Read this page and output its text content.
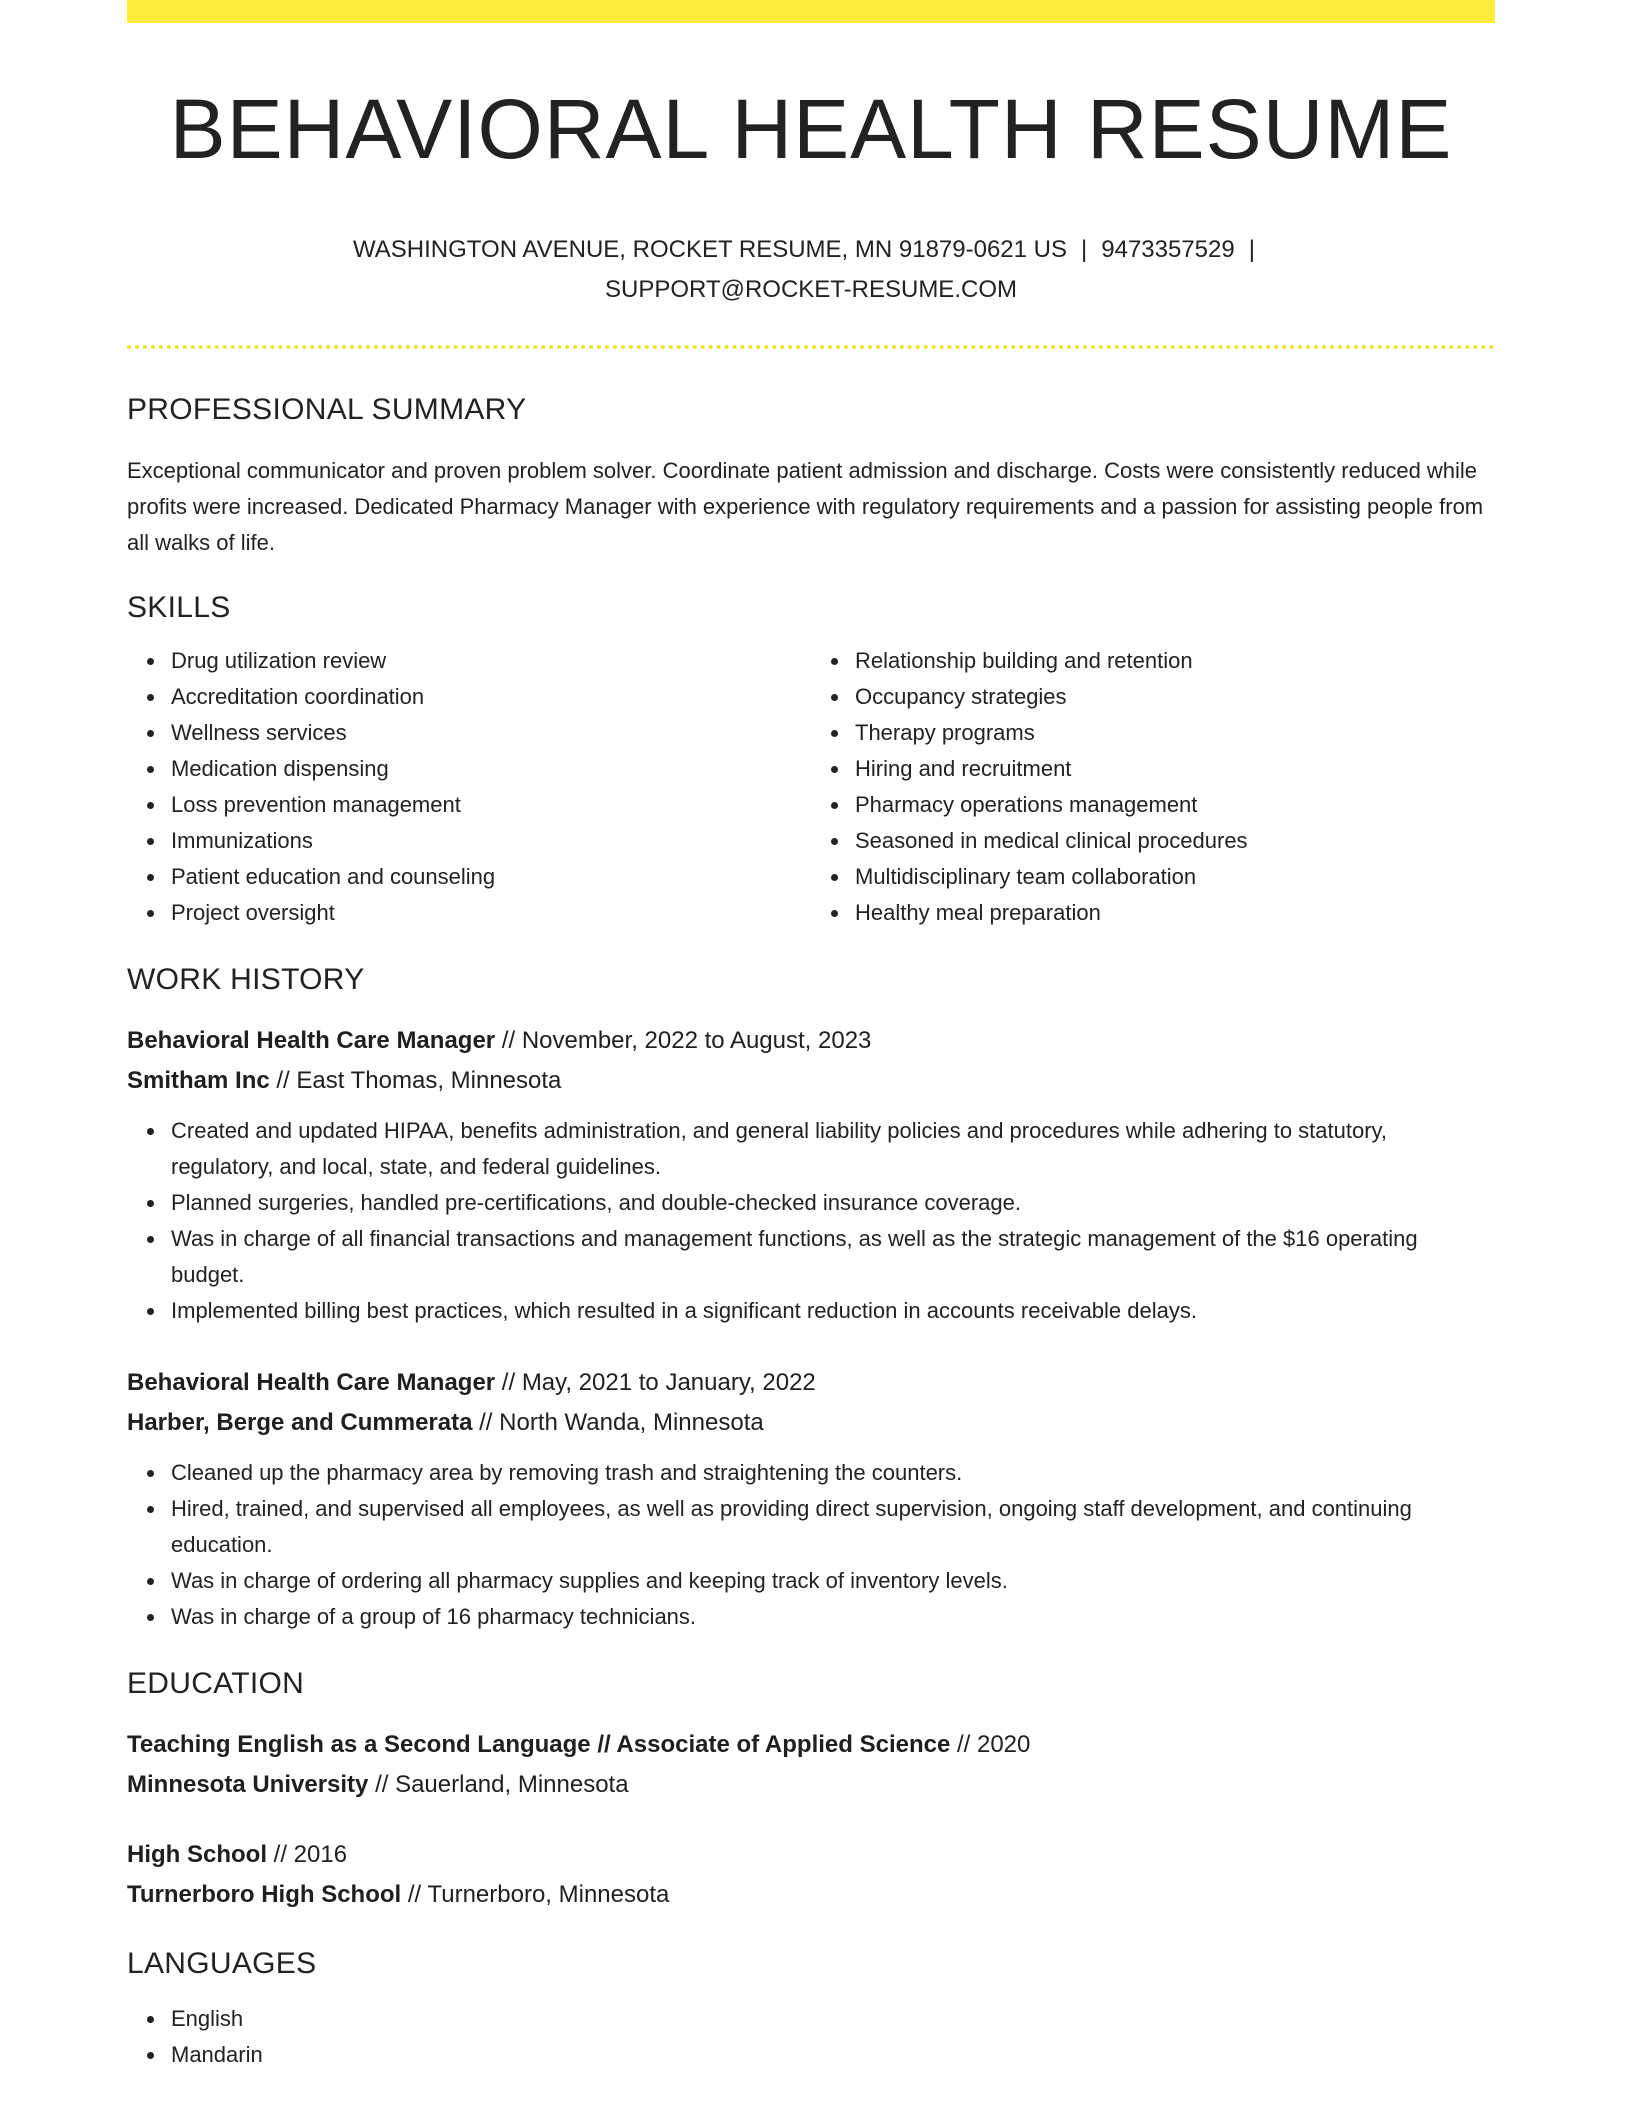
BEHAVIORAL HEALTH RESUME
WASHINGTON AVENUE, ROCKET RESUME, MN 91879-0621 US | 9473357529 |
SUPPORT@ROCKET-RESUME.COM
PROFESSIONAL SUMMARY

Exceptional communicator and proven problem solver. Coordinate patient admission and discharge. Costs were consistently reduced while profits were increased. Dedicated Pharmacy Manager with experience with regulatory requirements and a passion for assisting people from all walks of life.

SKILLS
Drug utilization review
Accreditation coordination
Wellness services
Medication dispensing
Loss prevention management
Immunizations
Patient education and counseling
Project oversight
Relationship building and retention
Occupancy strategies
Therapy programs
Hiring and recruitment
Pharmacy operations management
Seasoned in medical clinical procedures
Multidisciplinary team collaboration
Healthy meal preparation
WORK HISTORY
Behavioral Health Care Manager // November, 2022 to August, 2023
Smitham Inc // East Thomas, Minnesota
Created and updated HIPAA, benefits administration, and general liability policies and procedures while adhering to statutory, regulatory, and local, state, and federal guidelines.
Planned surgeries, handled pre-certifications, and double-checked insurance coverage.
Was in charge of all financial transactions and management functions, as well as the strategic management of the $16 operating budget.
Implemented billing best practices, which resulted in a significant reduction in accounts receivable delays.
Behavioral Health Care Manager // May, 2021 to January, 2022
Harber, Berge and Cummerata // North Wanda, Minnesota
Cleaned up the pharmacy area by removing trash and straightening the counters.
Hired, trained, and supervised all employees, as well as providing direct supervision, ongoing staff development, and continuing education.
Was in charge of ordering all pharmacy supplies and keeping track of inventory levels.
Was in charge of a group of 16 pharmacy technicians.
EDUCATION
Teaching English as a Second Language // Associate of Applied Science // 2020
Minnesota University // Sauerland, Minnesota
High School // 2016
Turnerboro High School // Turnerboro, Minnesota
LANGUAGES
English
Mandarin
